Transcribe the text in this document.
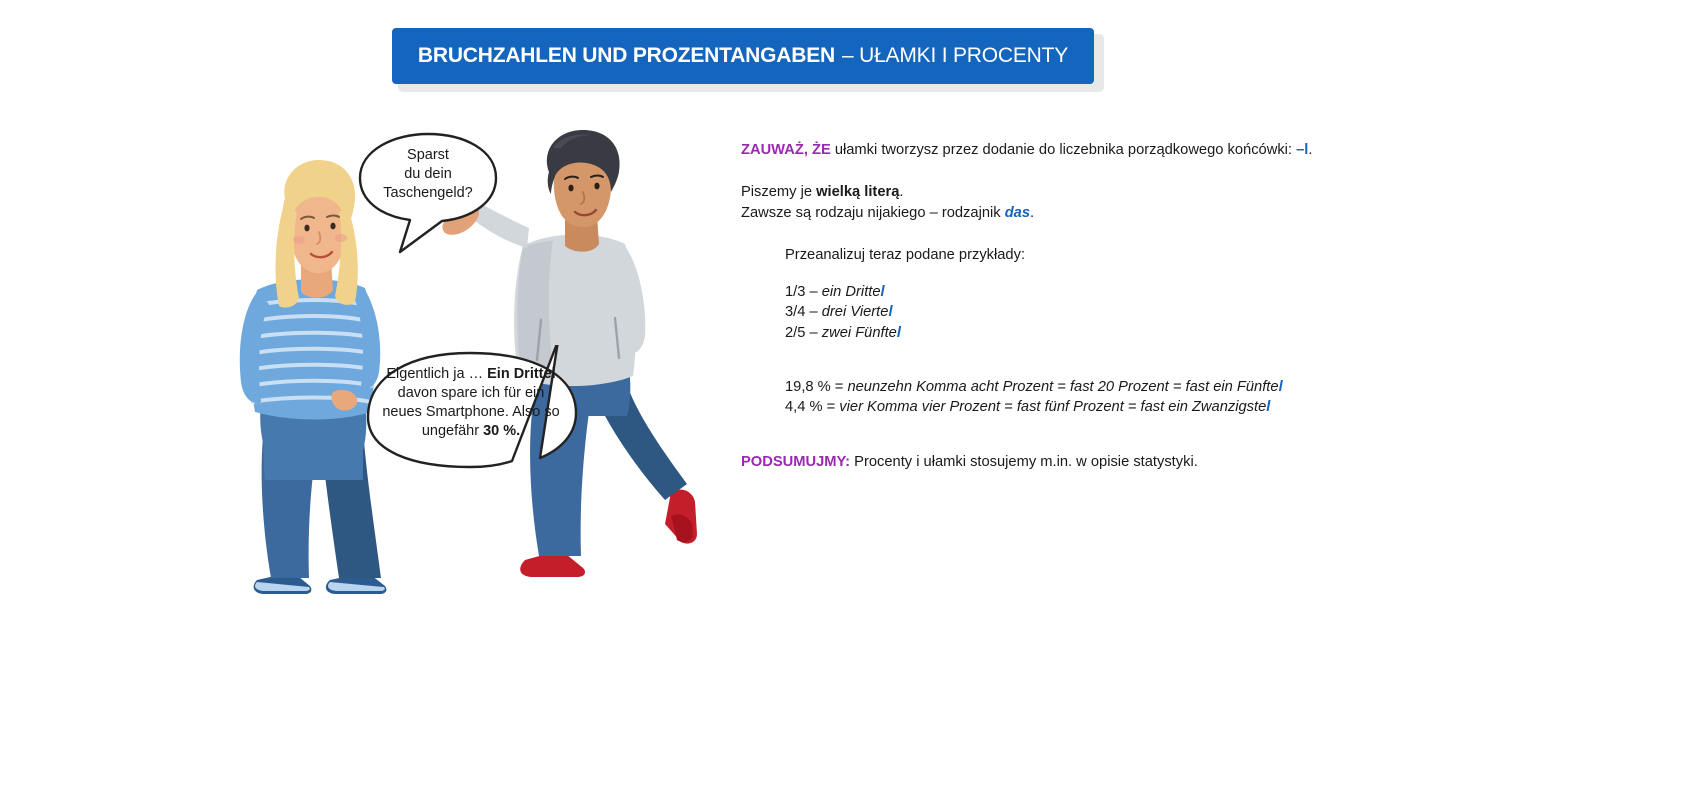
BRUCHZAHLEN UND PROZENTANGABEN – UŁAMKI I PROCENTY
Sparst
du dein
Taschengeld?
Eigentlich ja … Ein Drittel davon spare ich für ein neues Smartphone. Also so ungefähr 30 %.

ZAUWAŻ, ŻE ułamki tworzysz przez dodanie do liczebnika porządkowego końcówki: –l.

Piszemy je wielką literą.

Zawsze są rodzaju nijakiego – rodzajnik das.

Przeanalizuj teraz podane przykłady:

1/3 – ein Drittel

3/4 – drei Viertel

2/5 – zwei Fünftel

19,8 % = neunzehn Komma acht Prozent = fast 20 Prozent = fast ein Fünftel

4,4 % = vier Komma vier Prozent = fast fünf Prozent = fast ein Zwanzigstel

PODSUMUJMY: Procenty i ułamki stosujemy m.in. w opisie statystyki.
